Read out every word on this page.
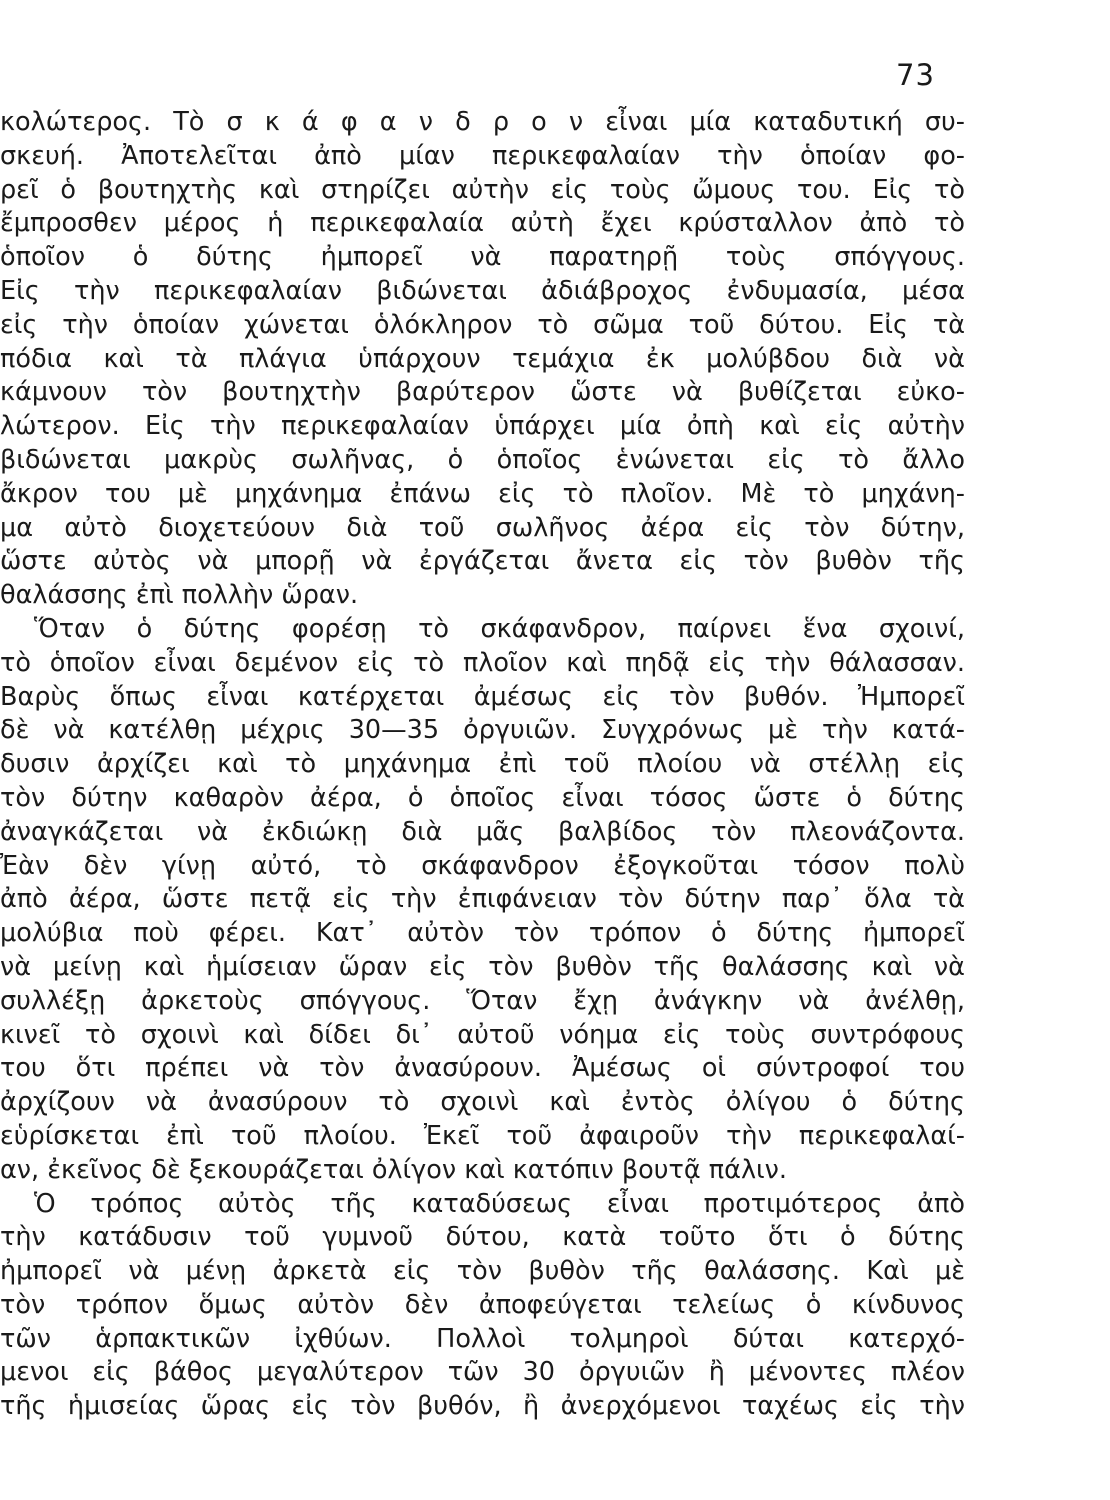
73
κολώτερος. Τὸ σ κ ά φ α ν δ ρ ο ν εἶναι μία καταδυτική συ-
σκευή. Ἀποτελεῖται ἀπὸ μίαν περικεφαλαίαν τὴν ὁποίαν φο-
ρεῖ ὁ βουτηχτὴς καὶ στηρίζει αὐτὴν εἰς τοὺς ὤμους του. Εἰς τὸ
ἔμπροσθεν μέρος ἡ περικεφαλαία αὐτὴ ἔχει κρύσταλλον ἀπὸ τὸ
ὁποῖον ὁ δύτης ἠμπορεῖ νὰ παρατηρῇ τοὺς σπόγγους.
Εἰς τὴν περικεφαλαίαν βιδώνεται ἀδιάβροχος ἐνδυμασία, μέσα
εἰς τὴν ὁποίαν χώνεται ὁλόκληρον τὸ σῶμα τοῦ δύτου. Εἰς τὰ
πόδια καὶ τὰ πλάγια ὑπάρχουν τεμάχια ἐκ μολύβδου διὰ νὰ
κάμνουν τὸν βουτηχτὴν βαρύτερον ὥστε νὰ βυθίζεται εὐκο-
λώτερον. Εἰς τὴν περικεφαλαίαν ὑπάρχει μία ὀπὴ καὶ εἰς αὐτὴν
βιδώνεται μακρὺς σωλῆνας, ὁ ὁποῖος ἑνώνεται εἰς τὸ ἄλλο
ἄκρον του μὲ μηχάνημα ἐπάνω εἰς τὸ πλοῖον. Μὲ τὸ μηχάνη-
μα αὐτὸ διοχετεύουν διὰ τοῦ σωλῆνος ἀέρα εἰς τὸν δύτην,
ὥστε αὐτὸς νὰ μπορῇ νὰ ἐργάζεται ἄνετα εἰς τὸν βυθὸν τῆς
θαλάσσης ἐπὶ πολλὴν ὥραν.
Ὅταν ὁ δύτης φορέσῃ τὸ σκάφανδρον, παίρνει ἕνα σχοινί,
τὸ ὁποῖον εἶναι δεμένον εἰς τὸ πλοῖον καὶ πηδᾷ εἰς τὴν θάλασσαν.
Βαρὺς ὅπως εἶναι κατέρχεται ἀμέσως εἰς τὸν βυθόν. Ἠμπορεῖ
δὲ νὰ κατέλθῃ μέχρις 30—35 ὀργυιῶν. Συγχρόνως μὲ τὴν κατά-
δυσιν ἀρχίζει καὶ τὸ μηχάνημα ἐπὶ τοῦ πλοίου νὰ στέλλῃ εἰς
τὸν δύτην καθαρὸν ἀέρα, ὁ ὁποῖος εἶναι τόσος ὥστε ὁ δύτης
ἀναγκάζεται νὰ ἐκδιώκῃ διὰ μᾶς βαλβίδος τὸν πλεονάζοντα.
Ἐὰν δὲν γίνῃ αὐτό, τὸ σκάφανδρον ἐξογκοῦται τόσον πολὺ
ἀπὸ ἀέρα, ὥστε πετᾷ εἰς τὴν ἐπιφάνειαν τὸν δύτην παρ᾽ ὅλα τὰ
μολύβια ποὺ φέρει. Κατ᾽ αὐτὸν τὸν τρόπον ὁ δύτης ἠμπορεῖ
νὰ μείνῃ καὶ ἡμίσειαν ὥραν εἰς τὸν βυθὸν τῆς θαλάσσης καὶ νὰ
συλλέξῃ ἀρκετοὺς σπόγγους. Ὅταν ἔχῃ ἀνάγκην νὰ ἀνέλθῃ,
κινεῖ τὸ σχοινὶ καὶ δίδει δι᾽ αὐτοῦ νόημα εἰς τοὺς συντρόφους
του ὅτι πρέπει νὰ τὸν ἀνασύρουν. Ἀμέσως οἱ σύντροφοί του
ἀρχίζουν νὰ ἀνασύρουν τὸ σχοινὶ καὶ ἐντὸς ὀλίγου ὁ δύτης
εὑρίσκεται ἐπὶ τοῦ πλοίου. Ἐκεῖ τοῦ ἀφαιροῦν τὴν περικεφαλαί-
αν, ἐκεῖνος δὲ ξεκουράζεται ὀλίγον καὶ κατόπιν βουτᾷ πάλιν.
Ὁ τρόπος αὐτὸς τῆς καταδύσεως εἶναι προτιμότερος ἀπὸ
τὴν κατάδυσιν τοῦ γυμνοῦ δύτου, κατὰ τοῦτο ὅτι ὁ δύτης
ἠμπορεῖ νὰ μένῃ ἀρκετὰ εἰς τὸν βυθὸν τῆς θαλάσσης. Καὶ μὲ
τὸν τρόπον ὅμως αὐτὸν δὲν ἀποφεύγεται τελείως ὁ κίνδυνος
τῶν ἁρπακτικῶν ἰχθύων. Πολλοὶ τολμηροὶ δύται κατερχό-
μενοι εἰς βάθος μεγαλύτερον τῶν 30 ὀργυιῶν ἢ μένοντες πλέον
τῆς ἡμισείας ὥρας εἰς τὸν βυθόν, ἢ ἀνερχόμενοι ταχέως εἰς τὴν
